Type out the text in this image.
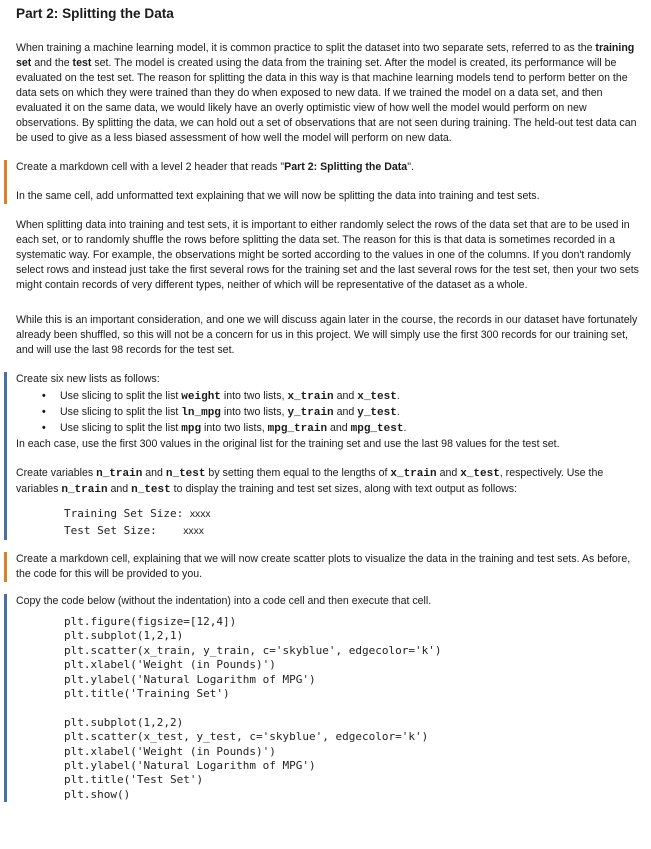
Part 2: Splitting the Data

When training a machine learning model, it is common practice to split the dataset into two separate sets, referred to as the training set and the test set. The model is created using the data from the training set. After the model is created, its performance will be evaluated on the test set. The reason for splitting the data in this way is that machine learning models tend to perform better on the data sets on which they were trained than they do when exposed to new data. If we trained the model on a data set, and then evaluated it on the same data, we would likely have an overly optimistic view of how well the model would perform on new observations. By splitting the data, we can hold out a set of observations that are not seen during training. The held-out test data can be used to give as a less biased assessment of how well the model will perform on new data.

Create a markdown cell with a level 2 header that reads "Part 2: Splitting the Data".

In the same cell, add unformatted text explaining that we will now be splitting the data into training and test sets.

When splitting data into training and test sets, it is important to either randomly select the rows of the data set that are to be used in each set, or to randomly shuffle the rows before splitting the data set. The reason for this is that data is sometimes recorded in a systematic way. For example, the observations might be sorted according to the values in one of the columns. If you don't randomly select rows and instead just take the first several rows for the training set and the last several rows for the test set, then your two sets might contain records of very different types, neither of which will be representative of the dataset as a whole.

While this is an important consideration, and one we will discuss again later in the course, the records in our dataset have fortunately already been shuffled, so this will not be a concern for us in this project. We will simply use the first 300 records for our training set, and will use the last 98 records for the test set.

Create six new lists as follows:

• Use slicing to split the list weight into two lists, x_train and x_test.
• Use slicing to split the list ln_mpg into two lists, y_train and y_test.
• Use slicing to split the list mpg into two lists, mpg_train and mpg_test.

In each case, use the first 300 values in the original list for the training set and use the last 98 values for the test set.

Create variables n_train and n_test by setting them equal to the lengths of x_train and x_test, respectively. Use the variables n_train and n_test to display the training and test set sizes, along with text output as follows:

Training Set Size: xxxx
Test Set Size:    xxxx

Create a markdown cell, explaining that we will now create scatter plots to visualize the data in the training and test sets. As before, the code for this will be provided to you.

Copy the code below (without the indentation) into a code cell and then execute that cell.

plt.figure(figsize=[12,4])
plt.subplot(1,2,1)
plt.scatter(x_train, y_train, c='skyblue', edgecolor='k')
plt.xlabel('Weight (in Pounds)')
plt.ylabel('Natural Logarithm of MPG')
plt.title('Training Set')

plt.subplot(1,2,2)
plt.scatter(x_test, y_test, c='skyblue', edgecolor='k')
plt.xlabel('Weight (in Pounds)')
plt.ylabel('Natural Logarithm of MPG')
plt.title('Test Set')
plt.show()
